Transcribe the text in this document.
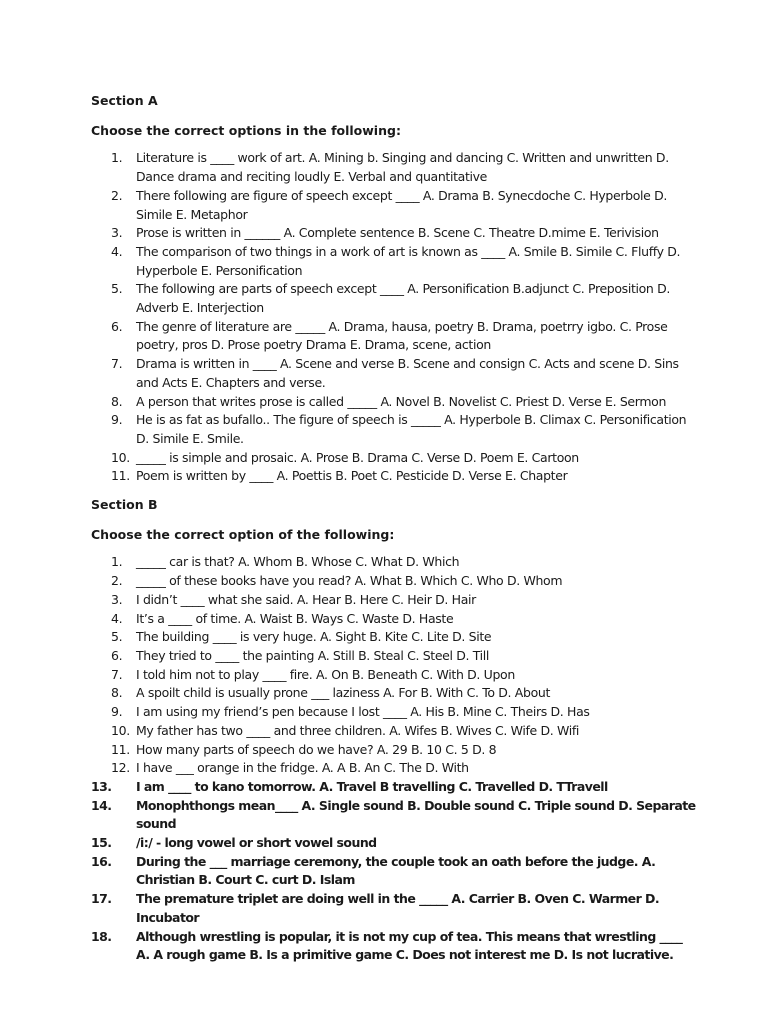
Section A

Choose the correct options in the following:

1.	Literature is ____ work of art. A. Mining b. Singing and dancing C. Written and unwritten D. Dance drama and reciting loudly E. Verbal and quantitative
2.	There following are figure of speech except ____ A. Drama B. Synecdoche C. Hyperbole D. Simile E. Metaphor
3.	Prose is written in ______ A. Complete sentence B. Scene C. Theatre D.mime E. Terivision
4.	The comparison of two things in a work of art is known as ____ A. Smile B. Simile C. Fluffy D. Hyperbole E. Personification
5.	The following are parts of speech except ____ A. Personification B.adjunct C. Preposition D. Adverb E. Interjection
6.	The genre of literature are _____ A. Drama, hausa, poetry B. Drama, poetrry igbo. C. Prose poetry, pros D. Prose poetry Drama E. Drama, scene, action
7.	Drama is written in ____ A. Scene and verse B. Scene and consign C. Acts and scene D. Sins and Acts E. Chapters and verse.
8.	A person that writes prose is called _____ A. Novel B. Novelist C. Priest D. Verse E. Sermon
9.	He is as fat as bufallo.. The figure of speech is _____ A. Hyperbole B. Climax C. Personification D. Simile E. Smile.
10. _____ is simple and prosaic. A. Prose B. Drama C. Verse D. Poem E. Cartoon
11. Poem is written by ____ A. Poettis B. Poet C. Pesticide D. Verse E. Chapter

Section B

Choose the correct option of the following:

1.	_____ car is that? A. Whom B. Whose C. What D. Which
2.	_____ of these books have you read? A. What B. Which C. Who D. Whom
3.	I didn’t ____ what she said. A. Hear B. Here C. Heir D. Hair
4.	It’s a ____ of time. A. Waist B. Ways C. Waste D. Haste
5.	The building ____ is very huge. A. Sight B. Kite C. Lite D. Site
6.	They tried to ____ the painting A. Still B. Steal C. Steel D. Till
7.	I told him not to play ____ fire. A. On B. Beneath C. With D. Upon
8.	A spoilt child is usually prone ___ laziness A. For B. With C. To D. About
9.	I am using my friend’s pen because I lost ____ A. His B. Mine C. Theirs D. Has
10. My father has two ____ and three children. A. Wifes B. Wives C. Wife D. Wifi
11. How many parts of speech do we have? A. 29 B. 10 C. 5 D. 8
12. I have ___ orange in the fridge. A. A B. An C. The D. With
13. I am ____ to kano tomorrow. A. Travel B travelling C. Travelled D. TTravell
14. Monophthongs mean____ A. Single sound B. Double sound C. Triple sound D. Separate sound
15. /i:/ - long vowel or short vowel sound
16. During the ___ marriage ceremony, the couple took an oath before the judge. A. Christian B. Court C. curt D. Islam
17. The premature triplet are doing well in the _____ A. Carrier B. Oven C. Warmer D. Incubator
18. Although wrestling is popular, it is not my cup of tea. This means that wrestling ____ A. A rough game B. Is a primitive game C. Does not interest me D. Is not lucrative.
